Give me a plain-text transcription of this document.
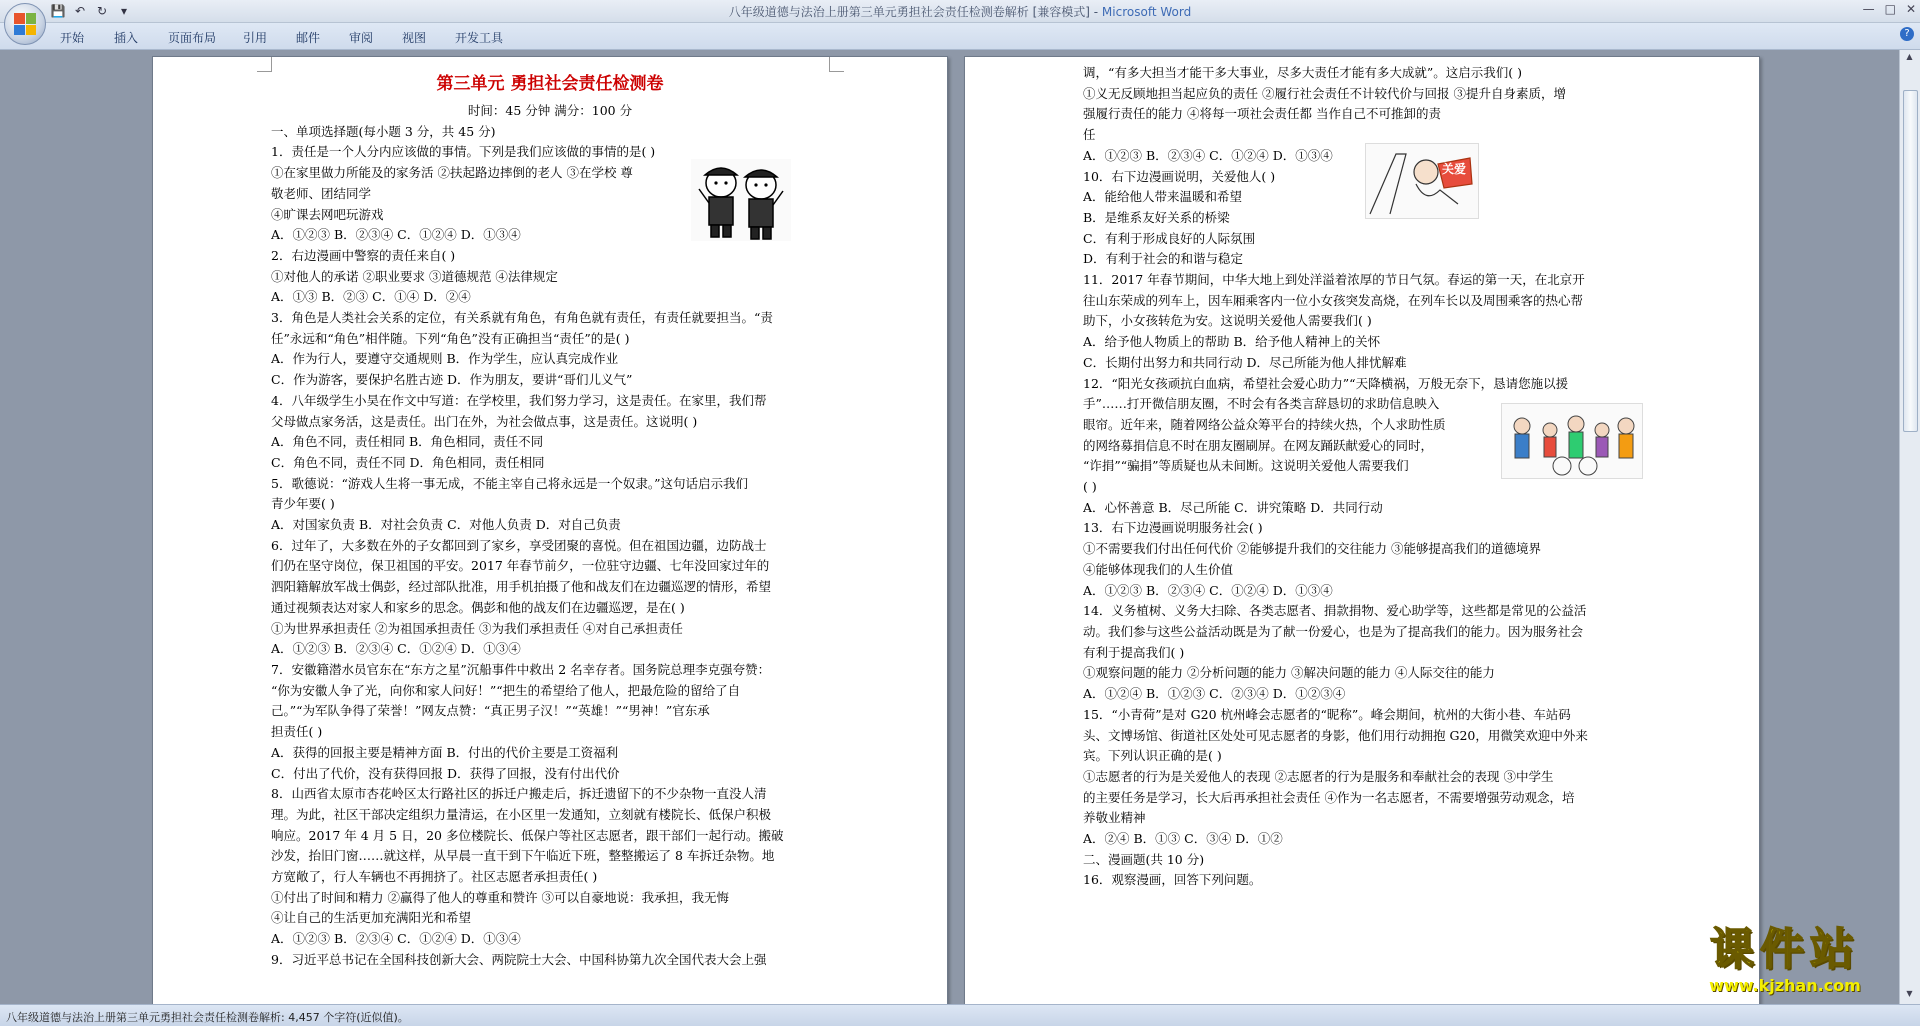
💾 ↶ ↻	▾	八年级道德与法治上册第三单元勇担社会责任检测卷解析 [兼容模式] - Microsoft Word	— □ ✕
开始 插入 页面布局 引用 邮件 审阅 视图 开发工具	?

第三单元 勇担社会责任检测卷

时间：45 分钟 满分：100 分

一、单项选择题(每小题 3 分，共 45 分)

1．责任是一个人分内应该做的事情。下列是我们应该做的事情的是( )

①在家里做力所能及的家务活 ②扶起路边摔倒的老人 ③在学校 尊

敬老师、团结同学

④旷课去网吧玩游戏

A．①②③ B．②③④ C．①②④ D．①③④

2．右边漫画中警察的责任来自( )

①对他人的承诺 ②职业要求 ③道德规范 ④法律规定

A．①③ B．②③ C．①④ D．②④

3．角色是人类社会关系的定位，有关系就有角色，有角色就有责任，有责任就要担当。“责

任”永远和“角色”相伴随。下列“角色”没有正确担当“责任”的是( )

A．作为行人，要遵守交通规则 B．作为学生，应认真完成作业

C．作为游客，要保护名胜古迹 D．作为朋友，要讲“哥们儿义气”

4．八年级学生小昊在作文中写道：在学校里，我们努力学习，这是责任。在家里，我们帮

父母做点家务活，这是责任。出门在外，为社会做点事，这是责任。这说明( )

A．角色不同，责任相同 B．角色相同，责任不同

C．角色不同，责任不同 D．角色相同，责任相同

5．歌德说：“游戏人生将一事无成，不能主宰自己将永远是一个奴隶。”这句话启示我们

青少年要( )

A．对国家负责 B．对社会负责 C．对他人负责 D．对自己负责

6．过年了，大多数在外的子女都回到了家乡，享受团聚的喜悦。但在祖国边疆，边防战士

们仍在坚守岗位，保卫祖国的平安。2017 年春节前夕，一位驻守边疆、七年没回家过年的

泗阳籍解放军战士偶彭，经过部队批准，用手机拍摄了他和战友们在边疆巡逻的情形，希望

通过视频表达对家人和家乡的思念。偶彭和他的战友们在边疆巡逻，是在( )

①为世界承担责任 ②为祖国承担责任 ③为我们承担责任 ④对自己承担责任

A．①②③ B．②③④ C．①②④ D．①③④

7．安徽籍潜水员官东在“东方之星”沉船事件中救出 2 名幸存者。国务院总理李克强夸赞：

“你为安徽人争了光，向你和家人问好！”“把生的希望给了他人，把最危险的留给了自

己。”“为军队争得了荣誉！”网友点赞：“真正男子汉！”“英雄！”“男神！”官东承

担责任( )

A．获得的回报主要是精神方面 B．付出的代价主要是工资福利

C．付出了代价，没有获得回报 D．获得了回报，没有付出代价

8．山西省太原市杏花岭区太行路社区的拆迁户搬走后，拆迁遗留下的不少杂物一直没人清

理。为此，社区干部决定组织力量清运，在小区里一发通知，立刻就有楼院长、低保户积极

响应。2017 年 4 月 5 日，20 多位楼院长、低保户等社区志愿者，跟干部们一起行动。搬破

沙发，抬旧门窗……就这样，从早晨一直干到下午临近下班，整整搬运了 8 车拆迁杂物。地

方宽敞了，行人车辆也不再拥挤了。社区志愿者承担责任( )

①付出了时间和精力 ②赢得了他人的尊重和赞许 ③可以自豪地说：我承担，我无悔

④让自己的生活更加充满阳光和希望

A．①②③ B．②③④ C．①②④ D．①③④

9．习近平总书记在全国科技创新大会、两院院士大会、中国科协第九次全国代表大会上强

调，“有多大担当才能干多大事业，尽多大责任才能有多大成就”。这启示我们( )

①义无反顾地担当起应负的责任 ②履行社会责任不计较代价与回报 ③提升自身素质，增

强履行责任的能力 ④将每一项社会责任都 当作自己不可推卸的责

任

A．①②③ B．②③④ C．①②④ D．①③④

10．右下边漫画说明，关爱他人( )

A．能给他人带来温暖和希望

B．是维系友好关系的桥梁

C．有利于形成良好的人际氛围

D．有利于社会的和谐与稳定

11．2017 年春节期间，中华大地上到处洋溢着浓厚的节日气氛。春运的第一天，在北京开

往山东荣成的列车上，因车厢乘客内一位小女孩突发高烧，在列车长以及周围乘客的热心帮

助下，小女孩转危为安。这说明关爱他人需要我们( )

A．给予他人物质上的帮助 B．给予他人精神上的关怀

C．长期付出努力和共同行动 D．尽己所能为他人排忧解难

12．“阳光女孩顽抗白血病，希望社会爱心助力”“天降横祸，万般无奈下，恳请您施以援

手”……打开微信朋友圈，不时会有各类言辞恳切的求助信息映入

眼帘。近年来，随着网络公益众筹平台的持续火热，个人求助性质

的网络募捐信息不时在朋友圈刷屏。在网友踊跃献爱心的同时，

“诈捐”“骗捐”等质疑也从未间断。这说明关爱他人需要我们

( )

A．心怀善意 B．尽己所能 C．讲究策略 D．共同行动

13．右下边漫画说明服务社会( )

①不需要我们付出任何代价 ②能够提升我们的交往能力 ③能够提高我们的道德境界

④能够体现我们的人生价值

A．①②③ B．②③④ C．①②④ D．①③④

14．义务植树、义务大扫除、各类志愿者、捐款捐物、爱心助学等，这些都是常见的公益活

动。我们参与这些公益活动既是为了献一份爱心，也是为了提高我们的能力。因为服务社会

有利于提高我们( )

①观察问题的能力 ②分析问题的能力 ③解决问题的能力 ④人际交往的能力

A．①②④ B．①②③ C．②③④ D．①②③④

15．“小青荷”是对 G20 杭州峰会志愿者的“昵称”。峰会期间，杭州的大街小巷、车站码

头、文博场馆、街道社区处处可见志愿者的身影，他们用行动拥抱 G20，用微笑欢迎中外来

宾。下列认识正确的是( )

①志愿者的行为是关爱他人的表现 ②志愿者的行为是服务和奉献社会的表现 ③中学生

的主要任务是学习，长大后再承担社会责任 ④作为一名志愿者，不需要增强劳动观念，培

养敬业精神

A．②④ B．①③ C．③④ D．①②

二、漫画题(共 10 分)

16．观察漫画，回答下列问题。

关爱
▲
▼
八年级道德与法治上册第三单元勇担社会责任检测卷解析: 4,457 个字符(近似值)。
课件站
www.kjzhan.com
